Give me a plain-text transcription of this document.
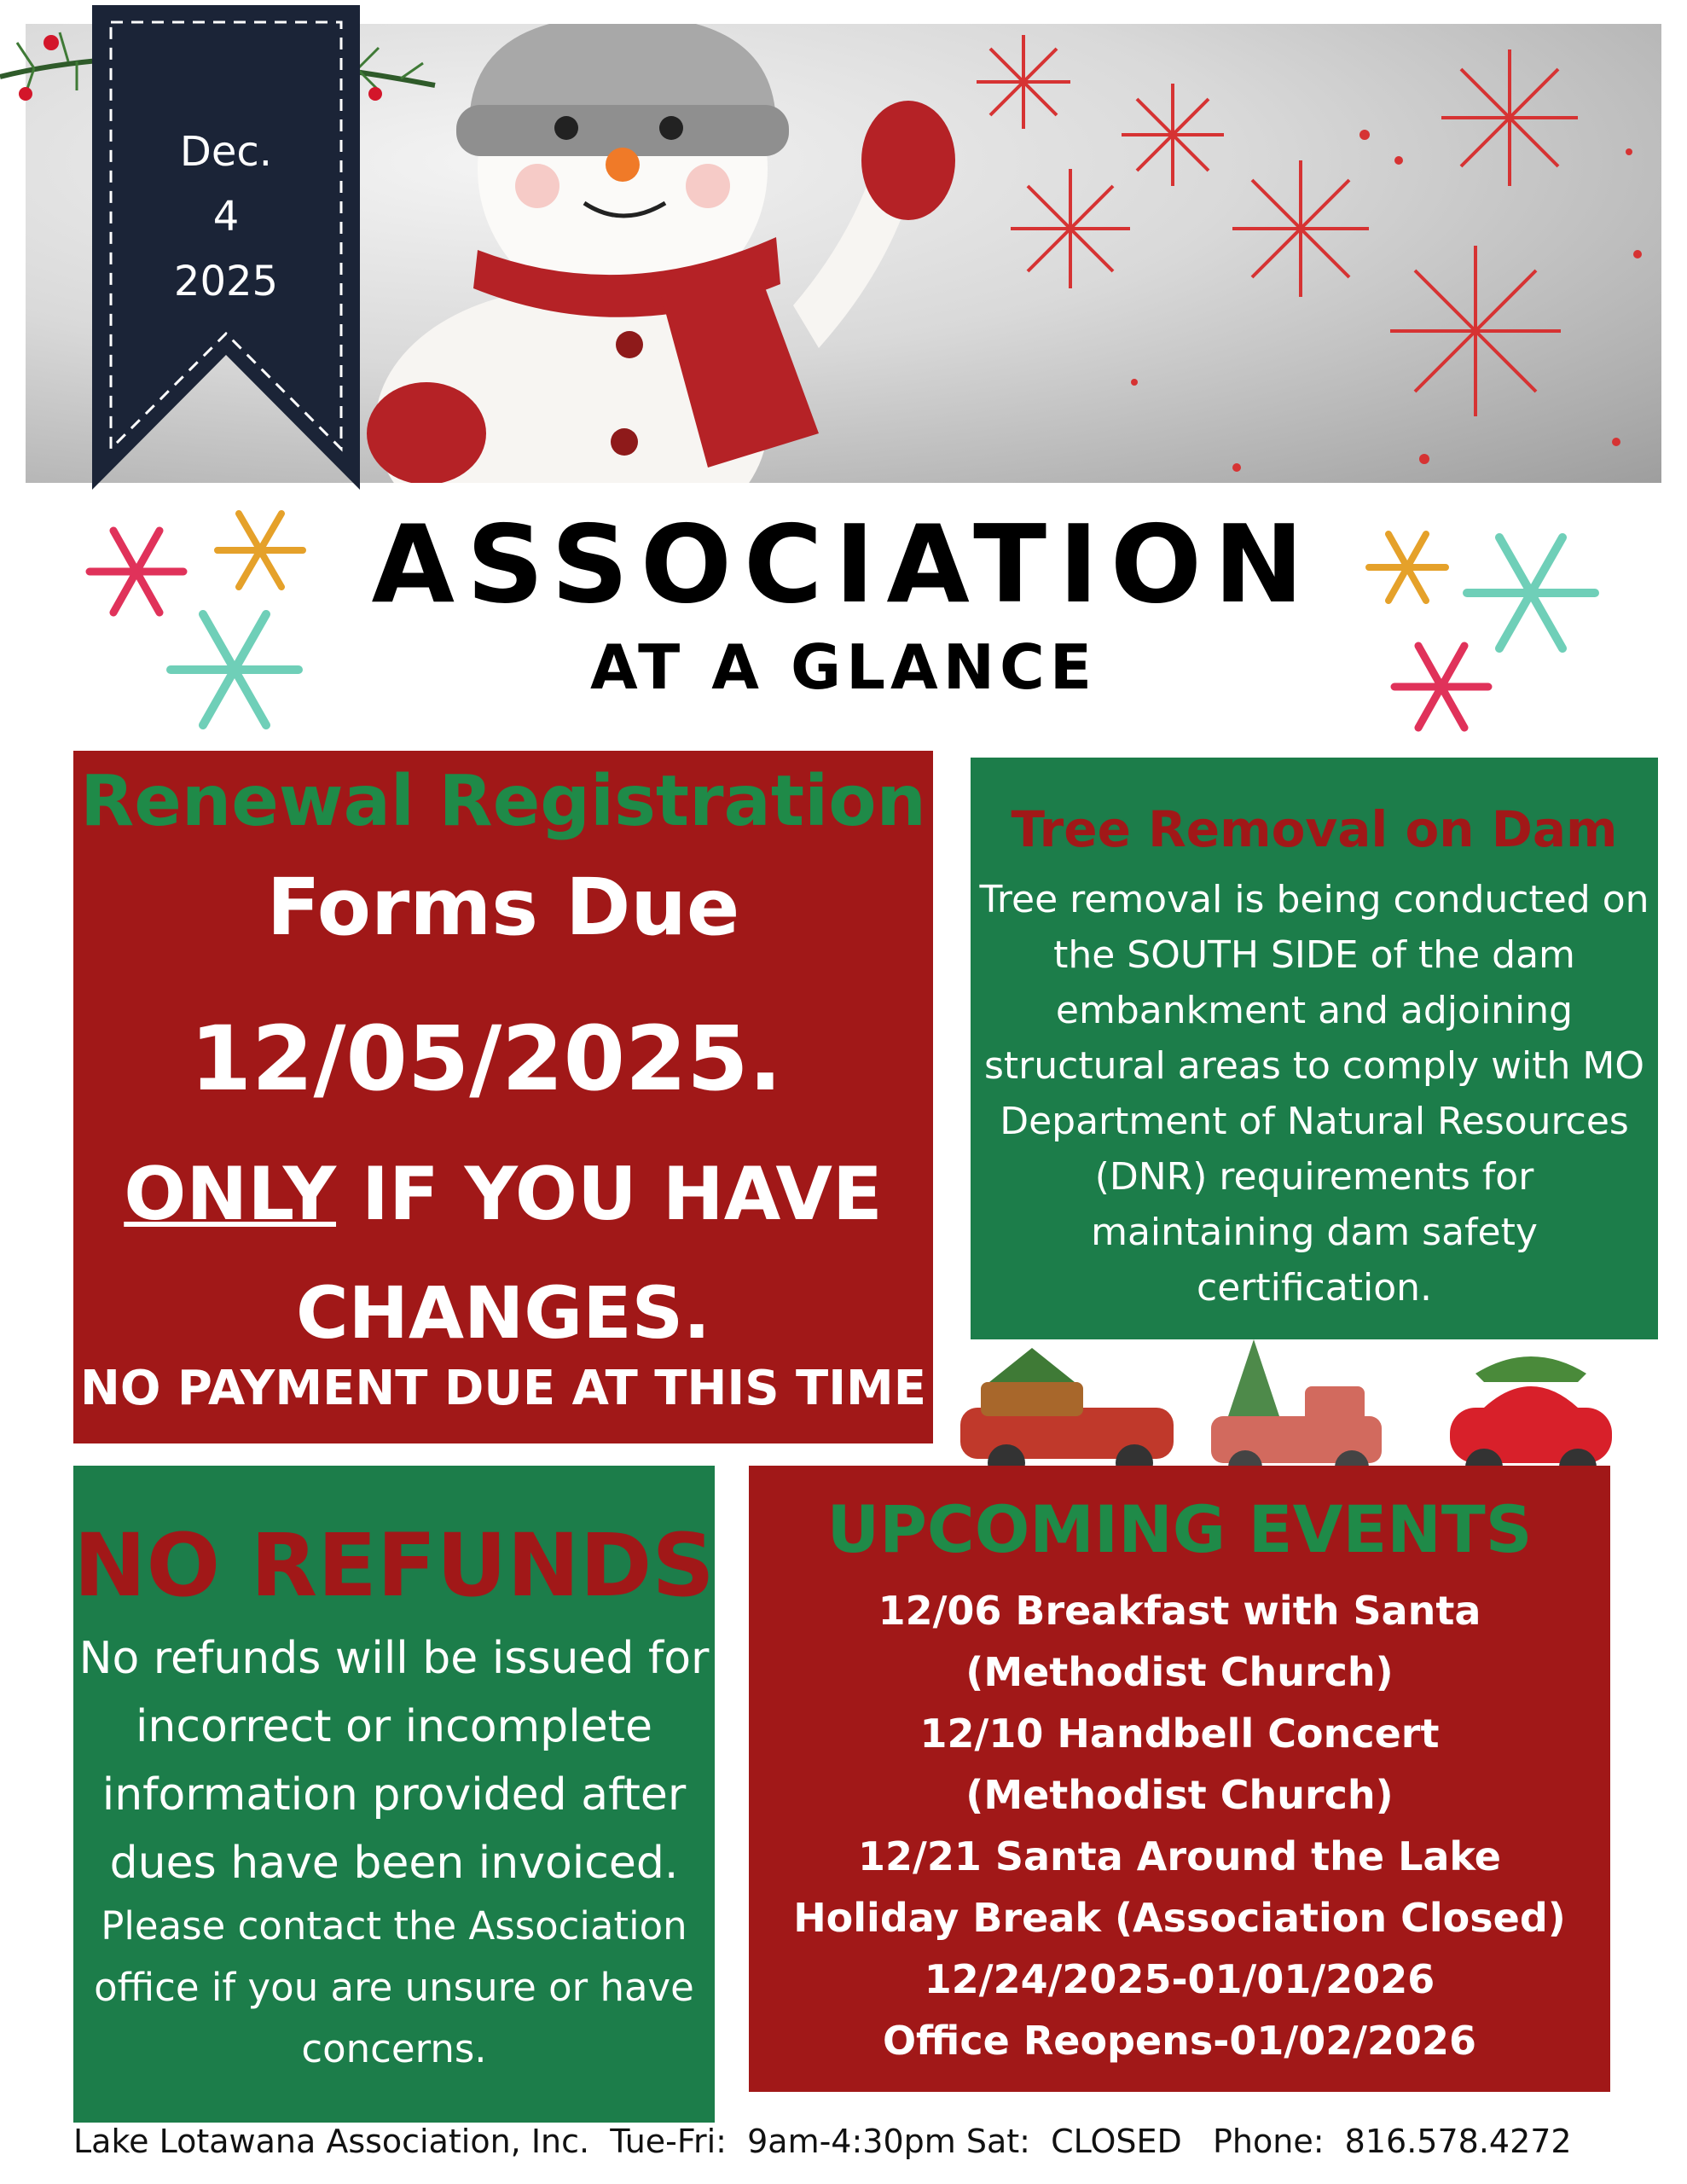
Dec.
4
2025
ASSOCIATION
AT A GLANCE
Renewal Registration
Forms Due
12/05/2025.
ONLY IF YOU HAVE
CHANGES.
NO PAYMENT DUE AT THIS TIME
Tree Removal on Dam
Tree removal is being conducted on the SOUTH SIDE of the dam embankment and adjoining structural areas to comply with MO Department of Natural Resources (DNR) requirements for maintaining dam safety certification.
NO REFUNDS
No refunds will be issued for incorrect or incomplete information provided after dues have been invoiced.
Please contact the Association office if you are unsure or have concerns.
UPCOMING EVENTS
12/06 Breakfast with Santa
(Methodist Church)
12/10 Handbell Concert
(Methodist Church)
12/21 Santa Around the Lake
Holiday Break (Association Closed)
12/24/2025-01/01/2026
Office Reopens-01/02/2026
Lake Lotawana Association, Inc.  Tue-Fri:  9am-4:30pm Sat:  CLOSED   Phone:  816.578.4272
